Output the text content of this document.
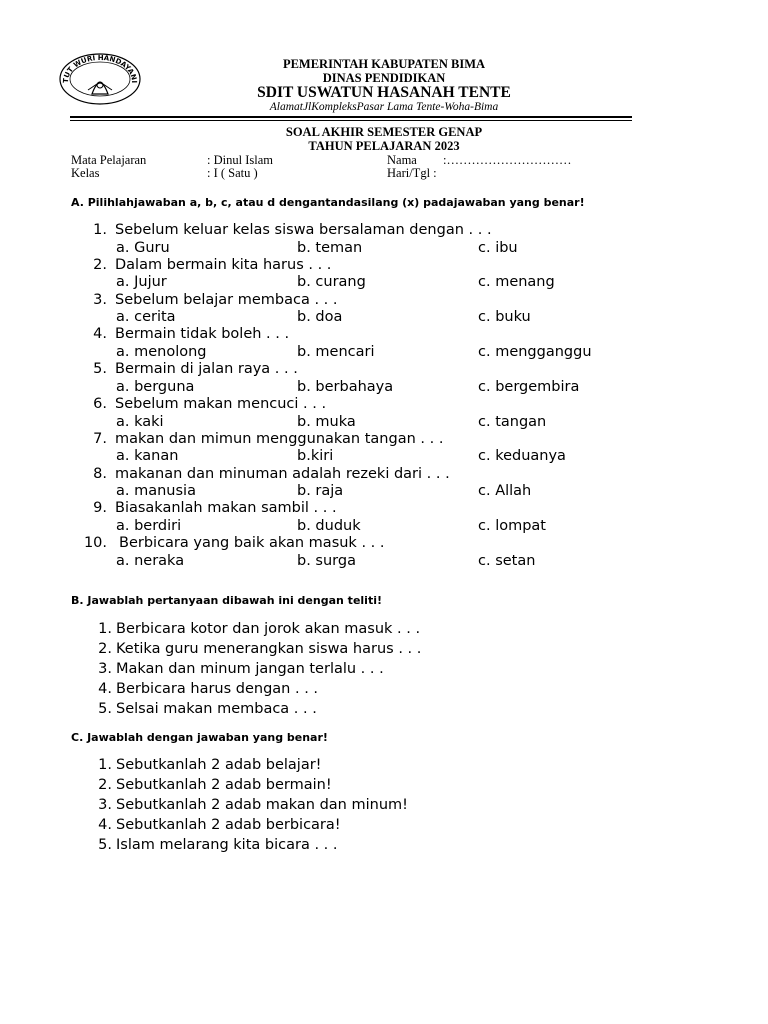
TUT WURI HANDAYANI
PEMERINTAH KABUPATEN BIMA
DINAS PENDIDIKAN
SDIT USWATUN HASANAH TENTE
AlamatJlKompleksPasar Lama Tente-Woha-Bima
SOAL AKHIR SEMESTER GENAP
TAHUN PELAJARAN 2023
Mata Pelajaran	: Dinul Islam	Nama :…………………………
Kelas	: I ( Satu )	Hari/Tgl :
A. Pilihlahjawaban a, b, c, atau d dengantandasilang (x) padajawaban yang benar!
1. Sebelum keluar kelas siswa bersalaman dengan . . .
a. Guru	b. teman	c. ibu
2. Dalam bermain kita harus . . .
a. Jujur	b. curang	c. menang
3. Sebelum belajar membaca . . .
a. cerita	b. doa	c. buku
4. Bermain tidak boleh . . .
a. menolong	b. mencari	c. mengganggu
5. Bermain di jalan raya . . .
a. berguna	b. berbahaya	c. bergembira
6. Sebelum makan mencuci . . .
a. kaki	b. muka	c. tangan
7. makan dan mimun menggunakan tangan . . .
a. kanan	b.kiri	c. keduanya
8. makanan dan minuman adalah rezeki dari . . .
a. manusia	b. raja	c. Allah
9. Biasakanlah makan sambil . . .
a. berdiri	b. duduk	c. lompat
10. Berbicara yang baik akan masuk . . .
a. neraka	b. surga	c. setan
B. Jawablah pertanyaan dibawah ini dengan teliti!
1. Berbicara kotor dan jorok akan masuk . . .
2. Ketika guru menerangkan siswa harus . . .
3. Makan dan minum jangan terlalu . . .
4. Berbicara harus dengan . . .
5. Selsai makan membaca . . .
C. Jawablah dengan jawaban yang benar!
1. Sebutkanlah 2 adab belajar!
2. Sebutkanlah 2 adab bermain!
3. Sebutkanlah 2 adab makan dan minum!
4. Sebutkanlah 2 adab berbicara!
5. Islam melarang kita bicara . . .
